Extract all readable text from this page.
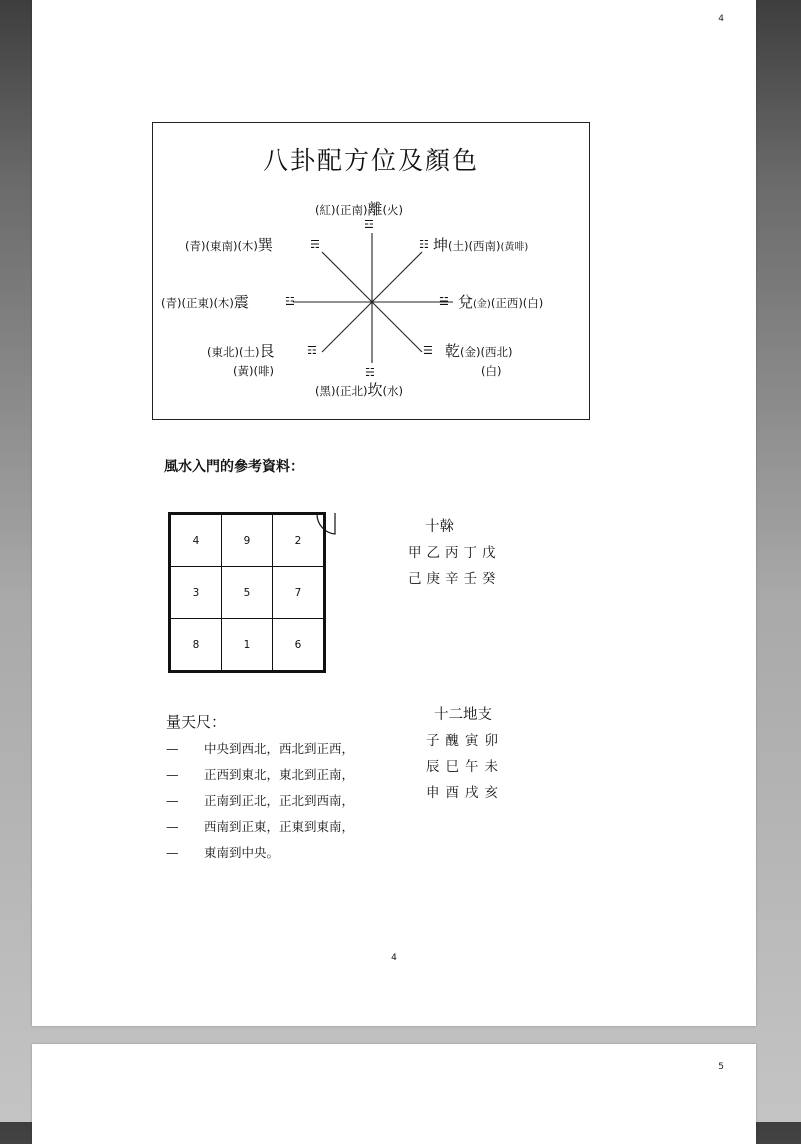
4
八卦配方位及顏色
(紅)(正南)離(火)
☲
(青)(東南)(木)巽	☴	☷ 坤(土)(西南)(黃啡)
(青)(正東)(木)震	☳	☱ 兌(金)(正西)(白)
(東北)(土)艮	☶
(黃)(啡)
☰ 乾(金)(西北)
(白)
☵
(黑)(正北)坎(水)
風水入門的參考資料：
4	9	2
3	5	7
8	1	6
十榦
甲乙丙丁戊
己庚辛壬癸
十二地支
子醜寅卯
辰巳午未
申酉戌亥
量天尺：
— 中央到西北，西北到正西，
— 正西到東北，東北到正南，
— 正南到正北，正北到西南，
— 西南到正東，正東到東南，
— 東南到中央。
4
5
